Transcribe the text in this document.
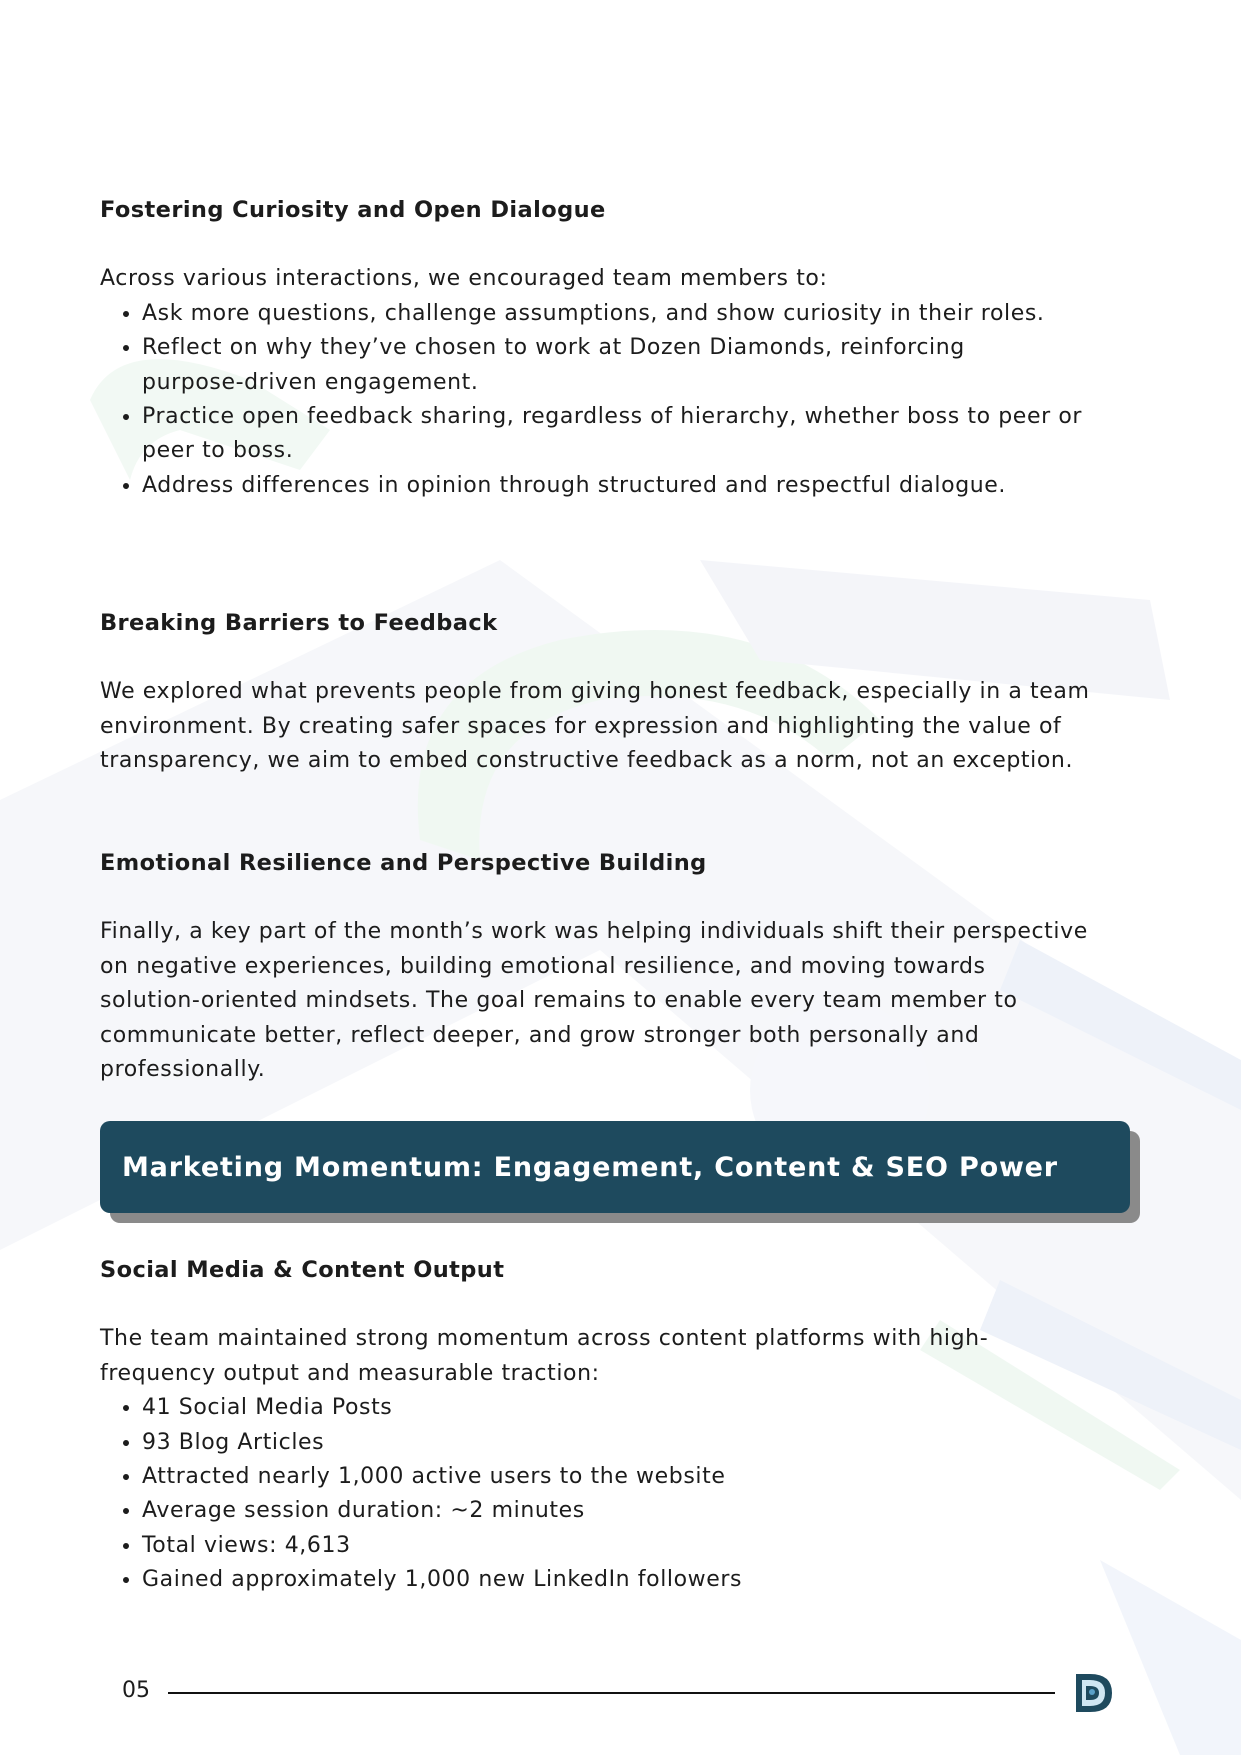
Fostering Curiosity and Open Dialogue

Across various interactions, we encouraged team members to:

• Ask more questions, challenge assumptions, and show curiosity in their roles.
• Reflect on why they’ve chosen to work at Dozen Diamonds, reinforcing purpose-driven engagement.
• Practice open feedback sharing, regardless of hierarchy, whether boss to peer or peer to boss.
• Address differences in opinion through structured and respectful dialogue.
Breaking Barriers to Feedback

We explored what prevents people from giving honest feedback, especially in a team environment. By creating safer spaces for expression and highlighting the value of transparency, we aim to embed constructive feedback as a norm, not an exception.

Emotional Resilience and Perspective Building

Finally, a key part of the month’s work was helping individuals shift their perspective on negative experiences, building emotional resilience, and moving towards solution-oriented mindsets. The goal remains to enable every team member to communicate better, reflect deeper, and grow stronger both personally and professionally.

Marketing Momentum: Engagement, Content & SEO Power
Social Media & Content Output

The team maintained strong momentum across content platforms with high-frequency output and measurable traction:

• 41 Social Media Posts
• 93 Blog Articles
• Attracted nearly 1,000 active users to the website
• Average session duration: ~2 minutes
• Total views: 4,613
• Gained approximately 1,000 new LinkedIn followers
05
